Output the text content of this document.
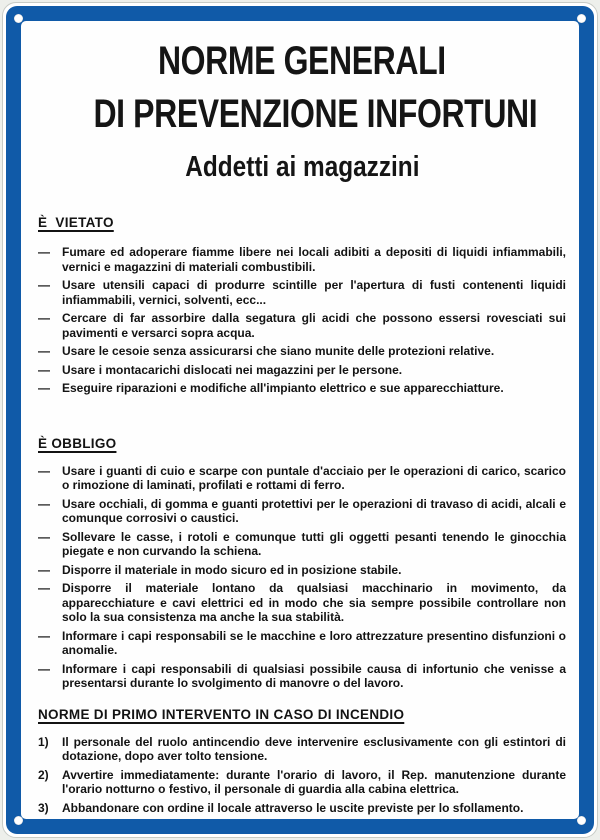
NORME GENERALI
DI PREVENZIONE INFORTUNI
Addetti ai magazzini
È  VIETATO
—	Fumare ed adoperare fiamme libere nei locali adibiti a depositi di liquidi infiammabili, vernici e magazzini di materiali combustibili.
—	Usare utensili capaci di produrre scintille per l'apertura di fusti contenenti liquidi infiammabili, vernici, solventi, ecc...
—	Cercare di far assorbire dalla segatura gli acidi che possono essersi rovesciati sui pavimenti e versarci sopra acqua.
—	Usare le cesoie senza assicurarsi che siano munite delle protezioni relative.
—	Usare i montacarichi dislocati nei magazzini per le persone.
—	Eseguire riparazioni e modifiche all'impianto elettrico e sue apparecchiatture.
È OBBLIGO
—	Usare i guanti di cuio e scarpe con puntale d'acciaio per le operazioni di carico, scarico o rimozione di laminati, profilati e rottami di ferro.
—	Usare occhiali, di gomma e guanti protettivi per le operazioni di travaso di acidi, alcali e comunque corrosivi o caustici.
—	Sollevare le casse, i rotoli e comunque tutti gli oggetti pesanti tenendo le ginocchia piegate e non curvando la schiena.
—	Disporre il materiale in modo sicuro ed in posizione stabile.
—	Disporre il materiale lontano da qualsiasi macchinario in movimento, da apparecchiature e cavi elettrici ed in modo che sia sempre possibile controllare non solo la sua consistenza ma anche la sua stabilità.
—	Informare i capi responsabili se le macchine e loro attrezzature presentino disfunzioni o anomalie.
—	Informare i capi responsabili di qualsiasi possibile causa di infortunio che venisse a presentarsi durante lo svolgimento di manovre o del lavoro.
NORME DI PRIMO INTERVENTO IN CASO DI INCENDIO
1)	Il personale del ruolo antincendio deve intervenire esclusivamente con gli estintori di dotazione, dopo aver tolto tensione.
2)	Avvertire immediatamente: durante l'orario di lavoro, il Rep. manutenzione durante l'orario notturno o festivo, il personale di guardia alla cabina elettrica.
3)	Abbandonare con ordine il locale attraverso le uscite previste per lo sfollamento.
